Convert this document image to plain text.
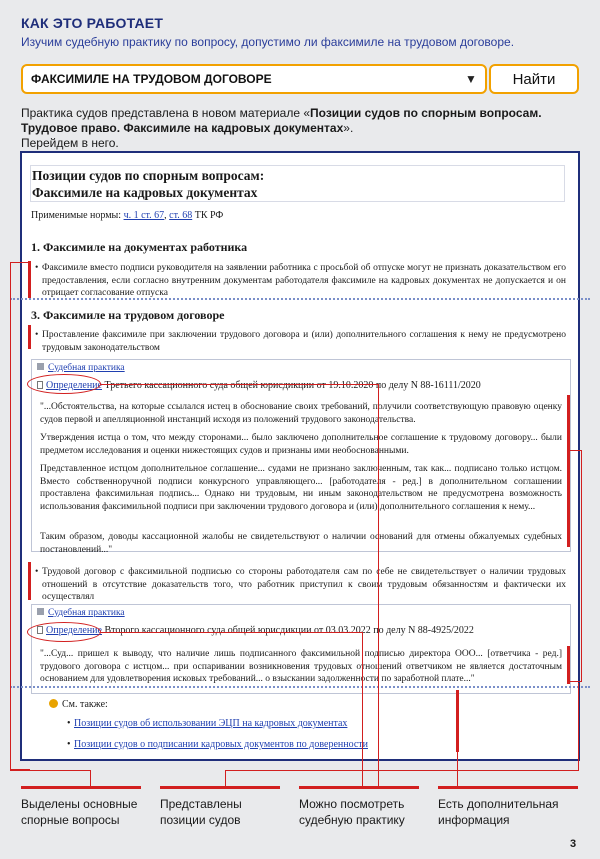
КАК ЭТО РАБОТАЕТ
Изучим судебную практику по вопросу, допустимо ли факсимиле на трудовом договоре.
ФАКСИМИЛЕ НА ТРУДОВОМ ДОГОВОРЕ	▼	Найти
Практика судов представлена в новом материале «Позиции судов по спорным вопросам. Трудовое право. Факсимиле на кадровых документах».
Перейдем в него.
Позиции судов по спорным вопросам:
Факсимиле на кадровых документах
Применимые нормы: ч. 1 ст. 67, ст. 68 ТК РФ
1. Факсимиле на документах работника
• Факсимиле вместо подписи руководителя на заявлении работника с просьбой об отпуске могут не признать доказательством его предоставления, если согласно внутренним документам работодателя факсимиле на кадровых документах не допускается и он отрицает согласование отпуска
3. Факсимиле на трудовом договоре
• Проставление факсимиле при заключении трудового договора и (или) дополнительного соглашения к нему не предусмотрено трудовым законодательством
Судебная практика
Определение Третьего кассационного суда общей юрисдикции от 19.10.2020 по делу N 88-16111/2020
"...Обстоятельства, на которые ссылался истец в обоснование своих требований, получили соответствующую правовую оценку судов первой и апелляционной инстанций исходя из положений трудового законодательства.
Утверждения истца о том, что между сторонами... было заключено дополнительное соглашение к трудовому договору... были предметом исследования и оценки нижестоящих судов и признаны ими необоснованными.
Представленное истцом дополнительное соглашение... судами не признано заключенным, так как... подписано только истцом. Вместо собственноручной подписи конкурсного управляющего... [работодателя - ред.] в дополнительном соглашении проставлена факсимильная подпись... Однако ни трудовым, ни иным законодательством не предусмотрена возможность использования факсимильной подписи при заключении трудового договора и (или) дополнительного соглашения к нему...
Таким образом, доводы кассационной жалобы не свидетельствуют о наличии оснований для отмены обжалуемых судебных постановлений..."
• Трудовой договор с факсимильной подписью со стороны работодателя сам по себе не свидетельствует о наличии трудовых отношений в отсутствие доказательств того, что работник приступил к своим трудовым обязанностям и фактически их осуществлял
Судебная практика
Определение Второго кассационного суда общей юрисдикции от 03.03.2022 по делу N 88-4925/2022
"...Суд... пришел к выводу, что наличие лишь подписанного факсимильной подписью директора ООО... [ответчика - ред.] трудового договора с истцом... при оспаривании возникновения трудовых отношений ответчиком не является достаточным основанием для удовлетворения исковых требований... о взыскании задолженности по заработной плате..."
См. также:
• Позиции судов об использовании ЭЦП на кадровых документах
• Позиции судов о подписании кадровых документов по доверенности
Выделены основные спорные вопросы
Представлены позиции судов
Можно посмотреть судебную практику
Есть дополнительная информация
3
